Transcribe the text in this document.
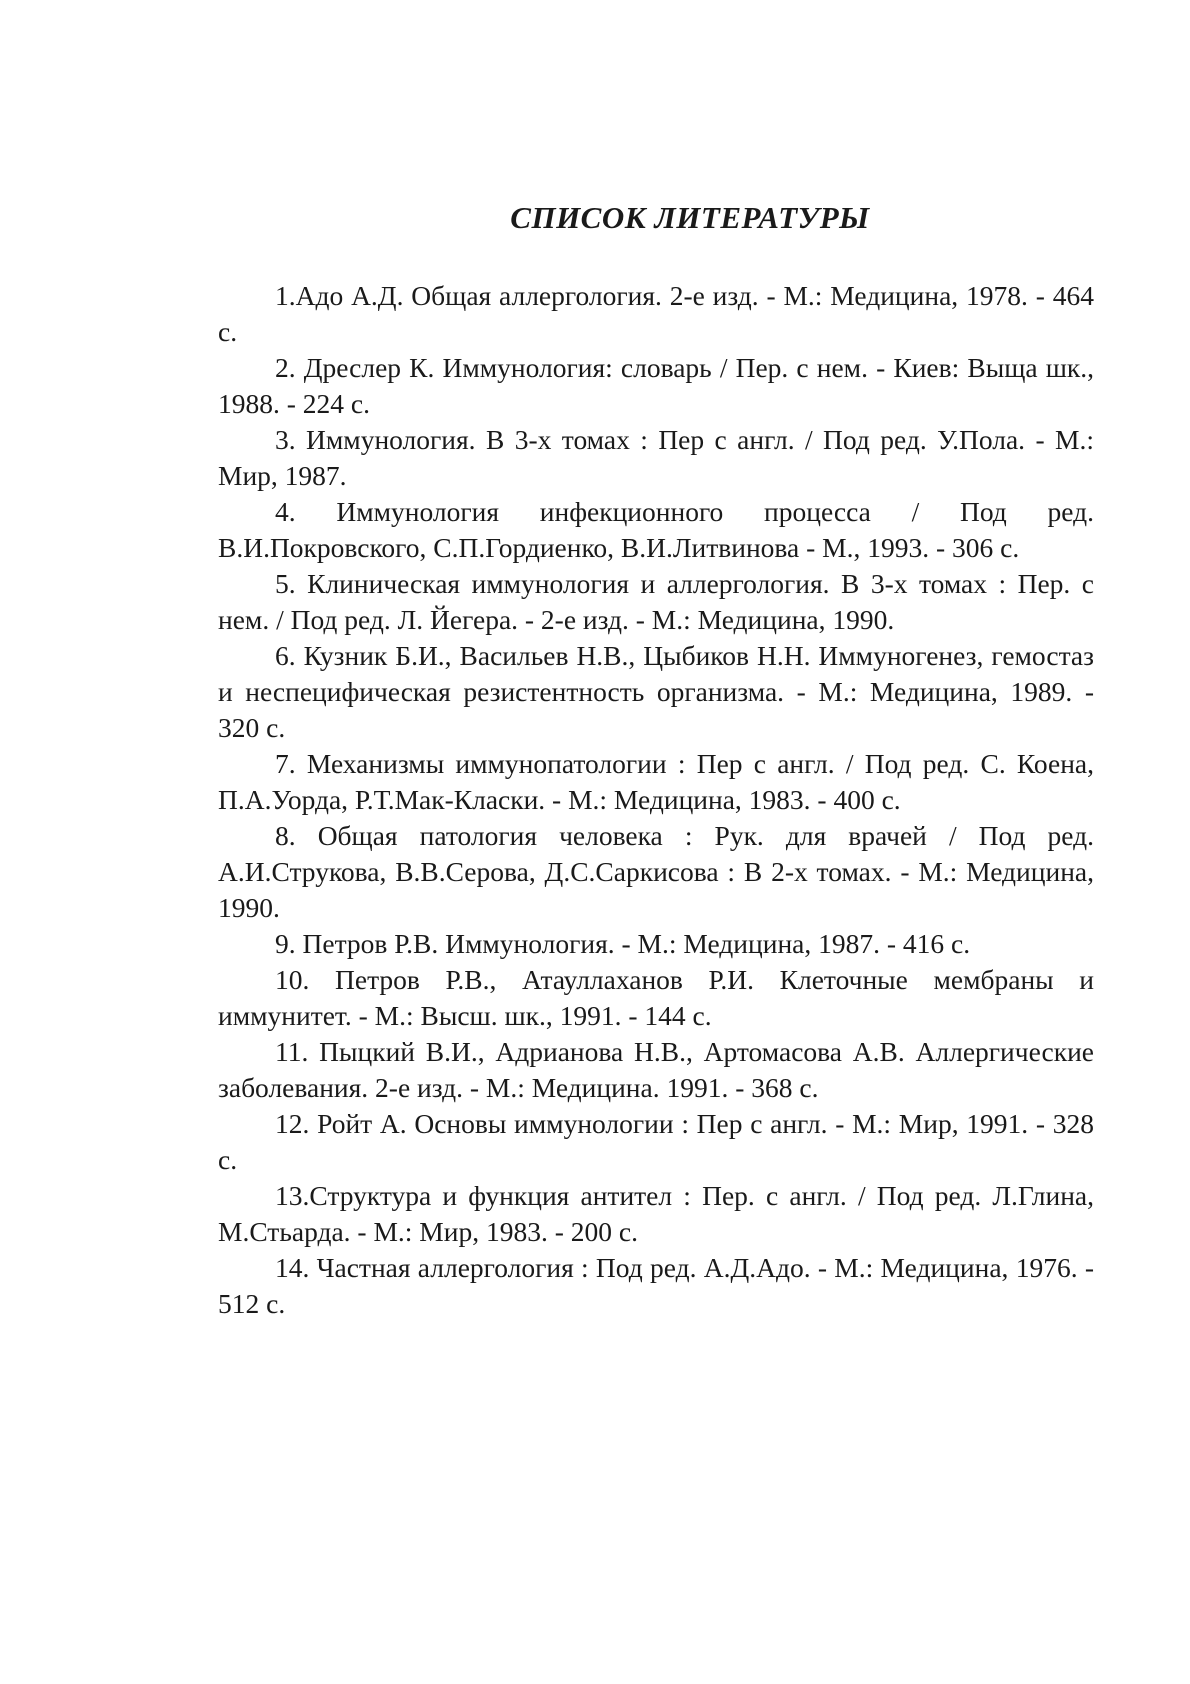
СПИСОК ЛИТЕРАТУРЫ
1.Адо А.Д. Общая аллергология. 2-е изд. - М.: Медицина, 1978. - 464 с.
2. Дреслер К. Иммунология: словарь / Пер. с нем. - Киев: Выща шк., 1988. - 224 с.
3. Иммунология. В 3-х томах : Пер с англ. / Под ред. У.Пола. - М.: Мир, 1987.
4. Иммунология инфекционного процесса / Под ред. В.И.Покровского, С.П.Гордиенко, В.И.Литвинова - М., 1993. - 306 с.
5. Клиническая иммунология и аллергология. В 3-х томах : Пер. с нем. / Под ред. Л. Йегера. - 2-е изд. - М.: Медицина, 1990.
6. Кузник Б.И., Васильев Н.В., Цыбиков Н.Н. Иммуногенез, гемостаз и неспецифическая резистентность организма. - М.: Медицина, 1989. - 320 с.
7. Механизмы иммунопатологии : Пер с англ. / Под ред. С. Коена, П.А.Уорда, Р.Т.Мак-Класки. - М.: Медицина, 1983. - 400 с.
8. Общая патология человека : Рук. для врачей / Под ред. А.И.Струкова, В.В.Серова, Д.С.Саркисова : В 2-х томах. - М.: Медицина, 1990.
9. Петров Р.В. Иммунология. - М.: Медицина, 1987. - 416 с.
10. Петров Р.В., Атауллаханов Р.И. Клеточные мембраны и иммунитет. - М.: Высш. шк., 1991. - 144 с.
11. Пыцкий В.И., Адрианова Н.В., Артомасова А.В. Аллергические заболевания. 2-е изд. - М.: Медицина. 1991. - 368 с.
12. Ройт А. Основы иммунологии : Пер с англ. - М.: Мир, 1991. - 328 с.
13.Структура и функция антител : Пер. с англ. / Под ред. Л.Глина, М.Стьарда. - М.: Мир, 1983. - 200 с.
14. Частная аллергология : Под ред. А.Д.Адо. - М.: Медицина, 1976. - 512 с.
